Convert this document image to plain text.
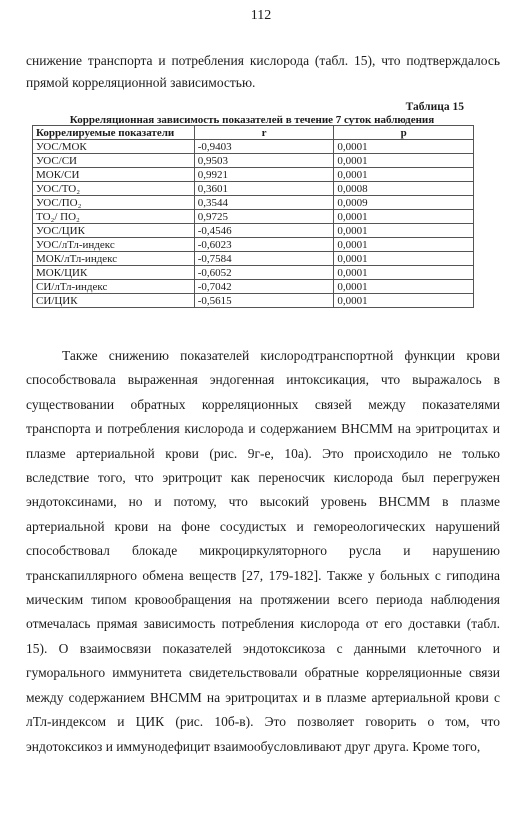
112

снижение транспорта и потребления кислорода (табл. 15), что подтверждалось прямой корреляционной зависимостью.

Таблица 15
Корреляционная зависимость показателей в течение 7 суток наблюдения
Коррелируемые показатели	r	p
УОС/МОК	-0,9403	0,0001
УОС/СИ	0,9503	0,0001
МОК/СИ	0,9921	0,0001
УОС/ТО₂	0,3601	0,0008
УОС/ПО₂	0,3544	0,0009
ТО₂/ ПО₂	0,9725	0,0001
УОС/ЦИК	-0,4546	0,0001
УОС/лТл-индекс	-0,6023	0,0001
МОК/лТл-индекс	-0,7584	0,0001
МОК/ЦИК	-0,6052	0,0001
СИ/лТл-индекс	-0,7042	0,0001
СИ/ЦИК	-0,5615	0,0001

Также снижению показателей кислородтранспортной функции крови способствовала выраженная эндогенная интоксикация, что выражалось в существовании обратных корреляционных связей между показателями транспорта и потребления кислорода и содержанием ВНСММ на эритроцитах и плазме артериальной крови (рис. 9г-е, 10а). Это происходило не только вследствие того, что эритроцит как переносчик кислорода был перегружен эндотоксинами, но и потому, что высокий уровень ВНСММ в плазме артериальной крови на фоне сосудистых и гемореологических нарушений способствовал блокаде микроциркуляторного русла и нарушению транскапиллярного обмена веществ [27, 179-182]. Также у больных с гиподина мическим типом кровообращения на протяжении всего периода наблюдения отмечалась прямая зависимость потребления кислорода от его доставки (табл. 15). О взаимосвязи показателей эндотоксикоза с данными клеточного и гуморального иммунитета свидетельствовали обратные корреляционные связи между содержанием ВНСММ на эритроцитах и в плазме артериальной крови с лТл-индексом и ЦИК (рис. 10б-в). Это позволяет говорить о том, что эндотоксикоз и иммунодефицит взаимообусловливают друг друга. Кроме того,
